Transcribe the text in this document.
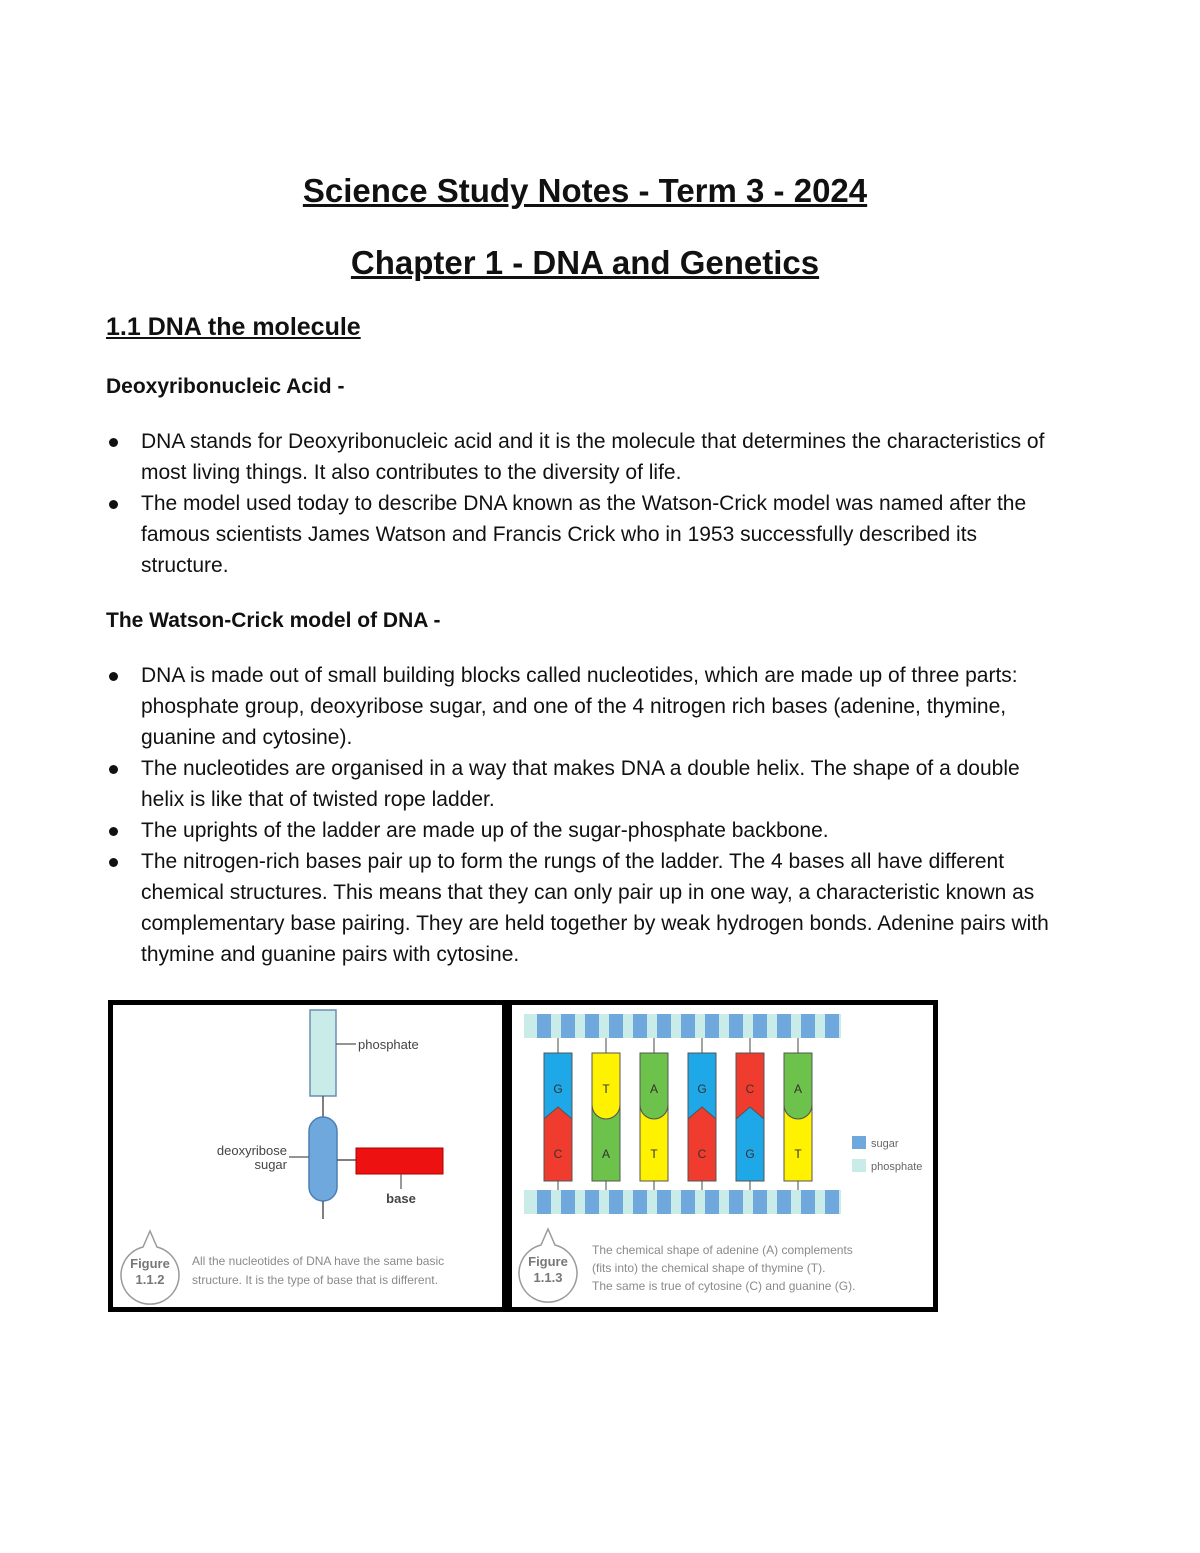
Science Study Notes - Term 3 - 2024
Chapter 1 - DNA and Genetics
1.1 DNA the molecule
Deoxyribonucleic Acid -
DNA stands for Deoxyribonucleic acid and it is the molecule that determines the characteristics of most living things. It also contributes to the diversity of life.
The model used today to describe DNA known as the Watson-Crick model was named after the famous scientists James Watson and Francis Crick who in 1953 successfully described its structure.
The Watson-Crick model of DNA -
DNA is made out of small building blocks called nucleotides, which are made up of three parts: phosphate group, deoxyribose sugar, and one of the 4 nitrogen rich bases (adenine, thymine, guanine and cytosine).
The nucleotides are organised in a way that makes DNA a double helix. The shape of a double helix is like that of twisted rope ladder.
The uprights of the ladder are made up of the sugar-phosphate backbone.
The nitrogen-rich bases pair up to form the rungs of the ladder. The 4 bases all have different chemical structures. This means that they can only pair up in one way, a characteristic known as complementary base pairing. They are held together by weak hydrogen bonds. Adenine pairs with thymine and guanine pairs with cytosine.
phosphate
deoxyribose
sugar
base
Figure
1.1.2
All the nucleotides of DNA have the same basic
structure. It is the type of base that is different.
G
C
T
A
A
T
G
C
C
G
A
T
sugar
phosphate
Figure
1.1.3
The chemical shape of adenine (A) complements
(fits into) the chemical shape of thymine (T).
The same is true of cytosine (C) and guanine (G).
